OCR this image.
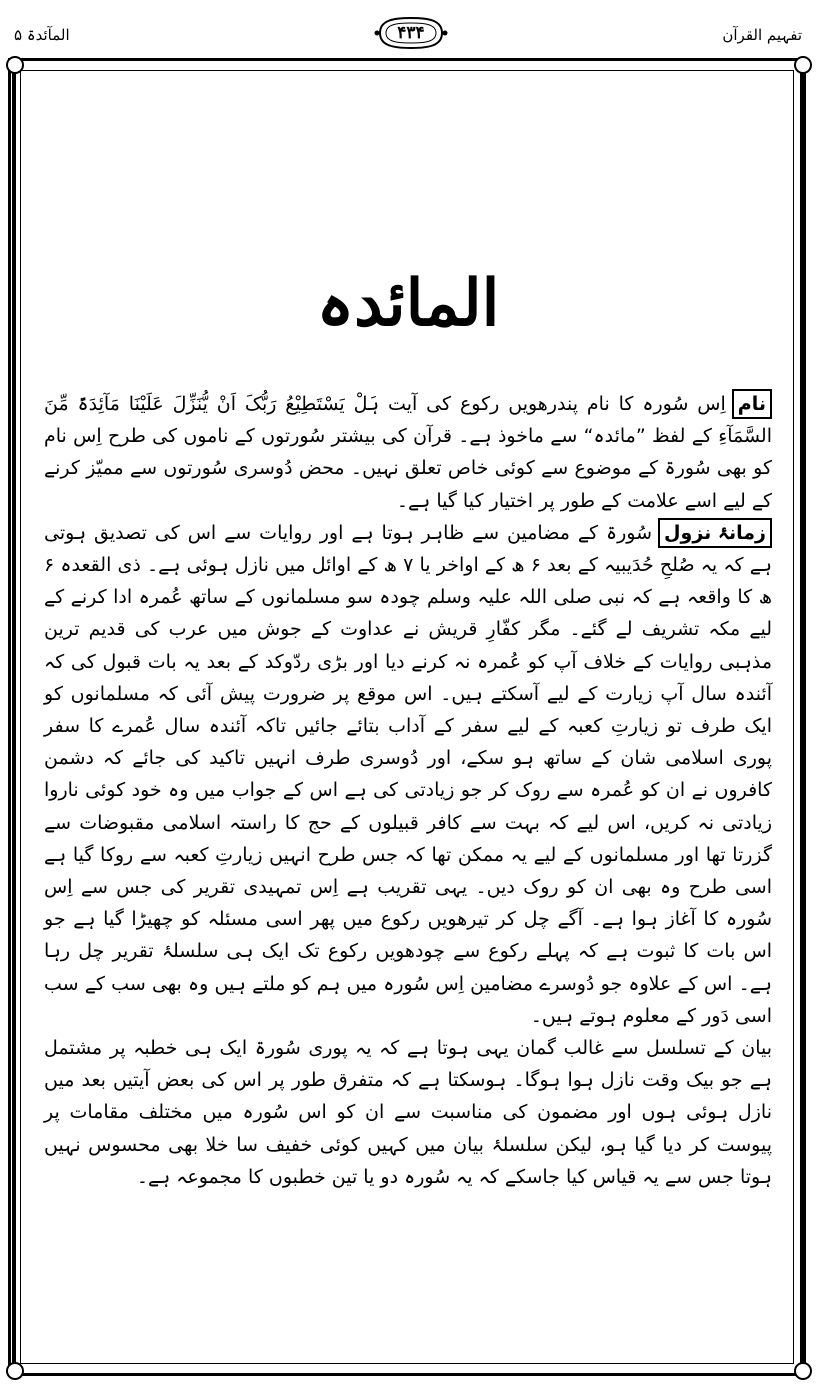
تفہیم القرآن
المآئدۃ ۵	۴۳۴
المائدہ

ناماِس سُورہ کا نام پندرھویں رکوع کی آیت ہَلْ یَسْتَطِیْعُ رَبُّکَ اَنْ یُّنَزِّلَ عَلَیْنَا مَآئِدَۃً مِّنَ السَّمَآءِ کے لفظ ”مائدہ“ سے ماخوذ ہے۔ قرآن کی بیشتر سُورتوں کے ناموں کی طرح اِس نام کو بھی سُورۃ کے موضوع سے کوئی خاص تعلق نہیں۔ محض دُوسری سُورتوں سے ممیّز کرنے کے لیے اسے علامت کے طور پر اختیار کیا گیا ہے۔

زمانۂ نزولسُورۃ کے مضامین سے ظاہر ہوتا ہے اور روایات سے اس کی تصدیق ہوتی ہے کہ یہ صُلحِ حُدَیبیہ کے بعد ۶ ھ کے اواخر یا ۷ ھ کے اوائل میں نازل ہوئی ہے۔ ذی القعدہ ۶ ھ کا واقعہ ہے کہ نبی صلی اللہ علیہ وسلم چودہ سو مسلمانوں کے ساتھ عُمرہ ادا کرنے کے لیے مکہ تشریف لے گئے۔ مگر کفّارِ قریش نے عداوت کے جوش میں عرب کی قدیم ترین مذہبی روایات کے خلاف آپ کو عُمرہ نہ کرنے دیا اور بڑی ردّوکد کے بعد یہ بات قبول کی کہ آئندہ سال آپ زیارت کے لیے آسکتے ہیں۔ اس موقع پر ضرورت پیش آئی کہ مسلمانوں کو ایک طرف تو زیارتِ کعبہ کے لیے سفر کے آداب بتائے جائیں تاکہ آئندہ سال عُمرے کا سفر پوری اسلامی شان کے ساتھ ہو سکے، اور دُوسری طرف انہیں تاکید کی جائے کہ دشمن کافروں نے ان کو عُمرہ سے روک کر جو زیادتی کی ہے اس کے جواب میں وہ خود کوئی ناروا زیادتی نہ کریں، اس لیے کہ بہت سے کافر قبیلوں کے حج کا راستہ اسلامی مقبوضات سے گزرتا تھا اور مسلمانوں کے لیے یہ ممکن تھا کہ جس طرح انہیں زیارتِ کعبہ سے روکا گیا ہے اسی طرح وہ بھی ان کو روک دیں۔ یہی تقریب ہے اِس تمہیدی تقریر کی جس سے اِس سُورہ کا آغاز ہوا ہے۔ آگے چل کر تیرھویں رکوع میں پھر اسی مسئلہ کو چھیڑا گیا ہے جو اس بات کا ثبوت ہے کہ پہلے رکوع سے چودھویں رکوع تک ایک ہی سلسلۂ تقریر چل رہا ہے۔ اس کے علاوہ جو دُوسرے مضامین اِس سُورہ میں ہم کو ملتے ہیں وہ بھی سب کے سب اسی دَور کے معلوم ہوتے ہیں۔

بیان کے تسلسل سے غالب گمان یہی ہوتا ہے کہ یہ پوری سُورۃ ایک ہی خطبہ پر مشتمل ہے جو بیک وقت نازل ہوا ہوگا۔ ہوسکتا ہے کہ متفرق طور پر اس کی بعض آیتیں بعد میں نازل ہوئی ہوں اور مضمون کی مناسبت سے ان کو اس سُورہ میں مختلف مقامات پر پیوست کر دیا گیا ہو، لیکن سلسلۂ بیان میں کہیں کوئی خفیف سا خلا بھی محسوس نہیں ہوتا جس سے یہ قیاس کیا جاسکے کہ یہ سُورہ دو یا تین خطبوں کا مجموعہ ہے۔
